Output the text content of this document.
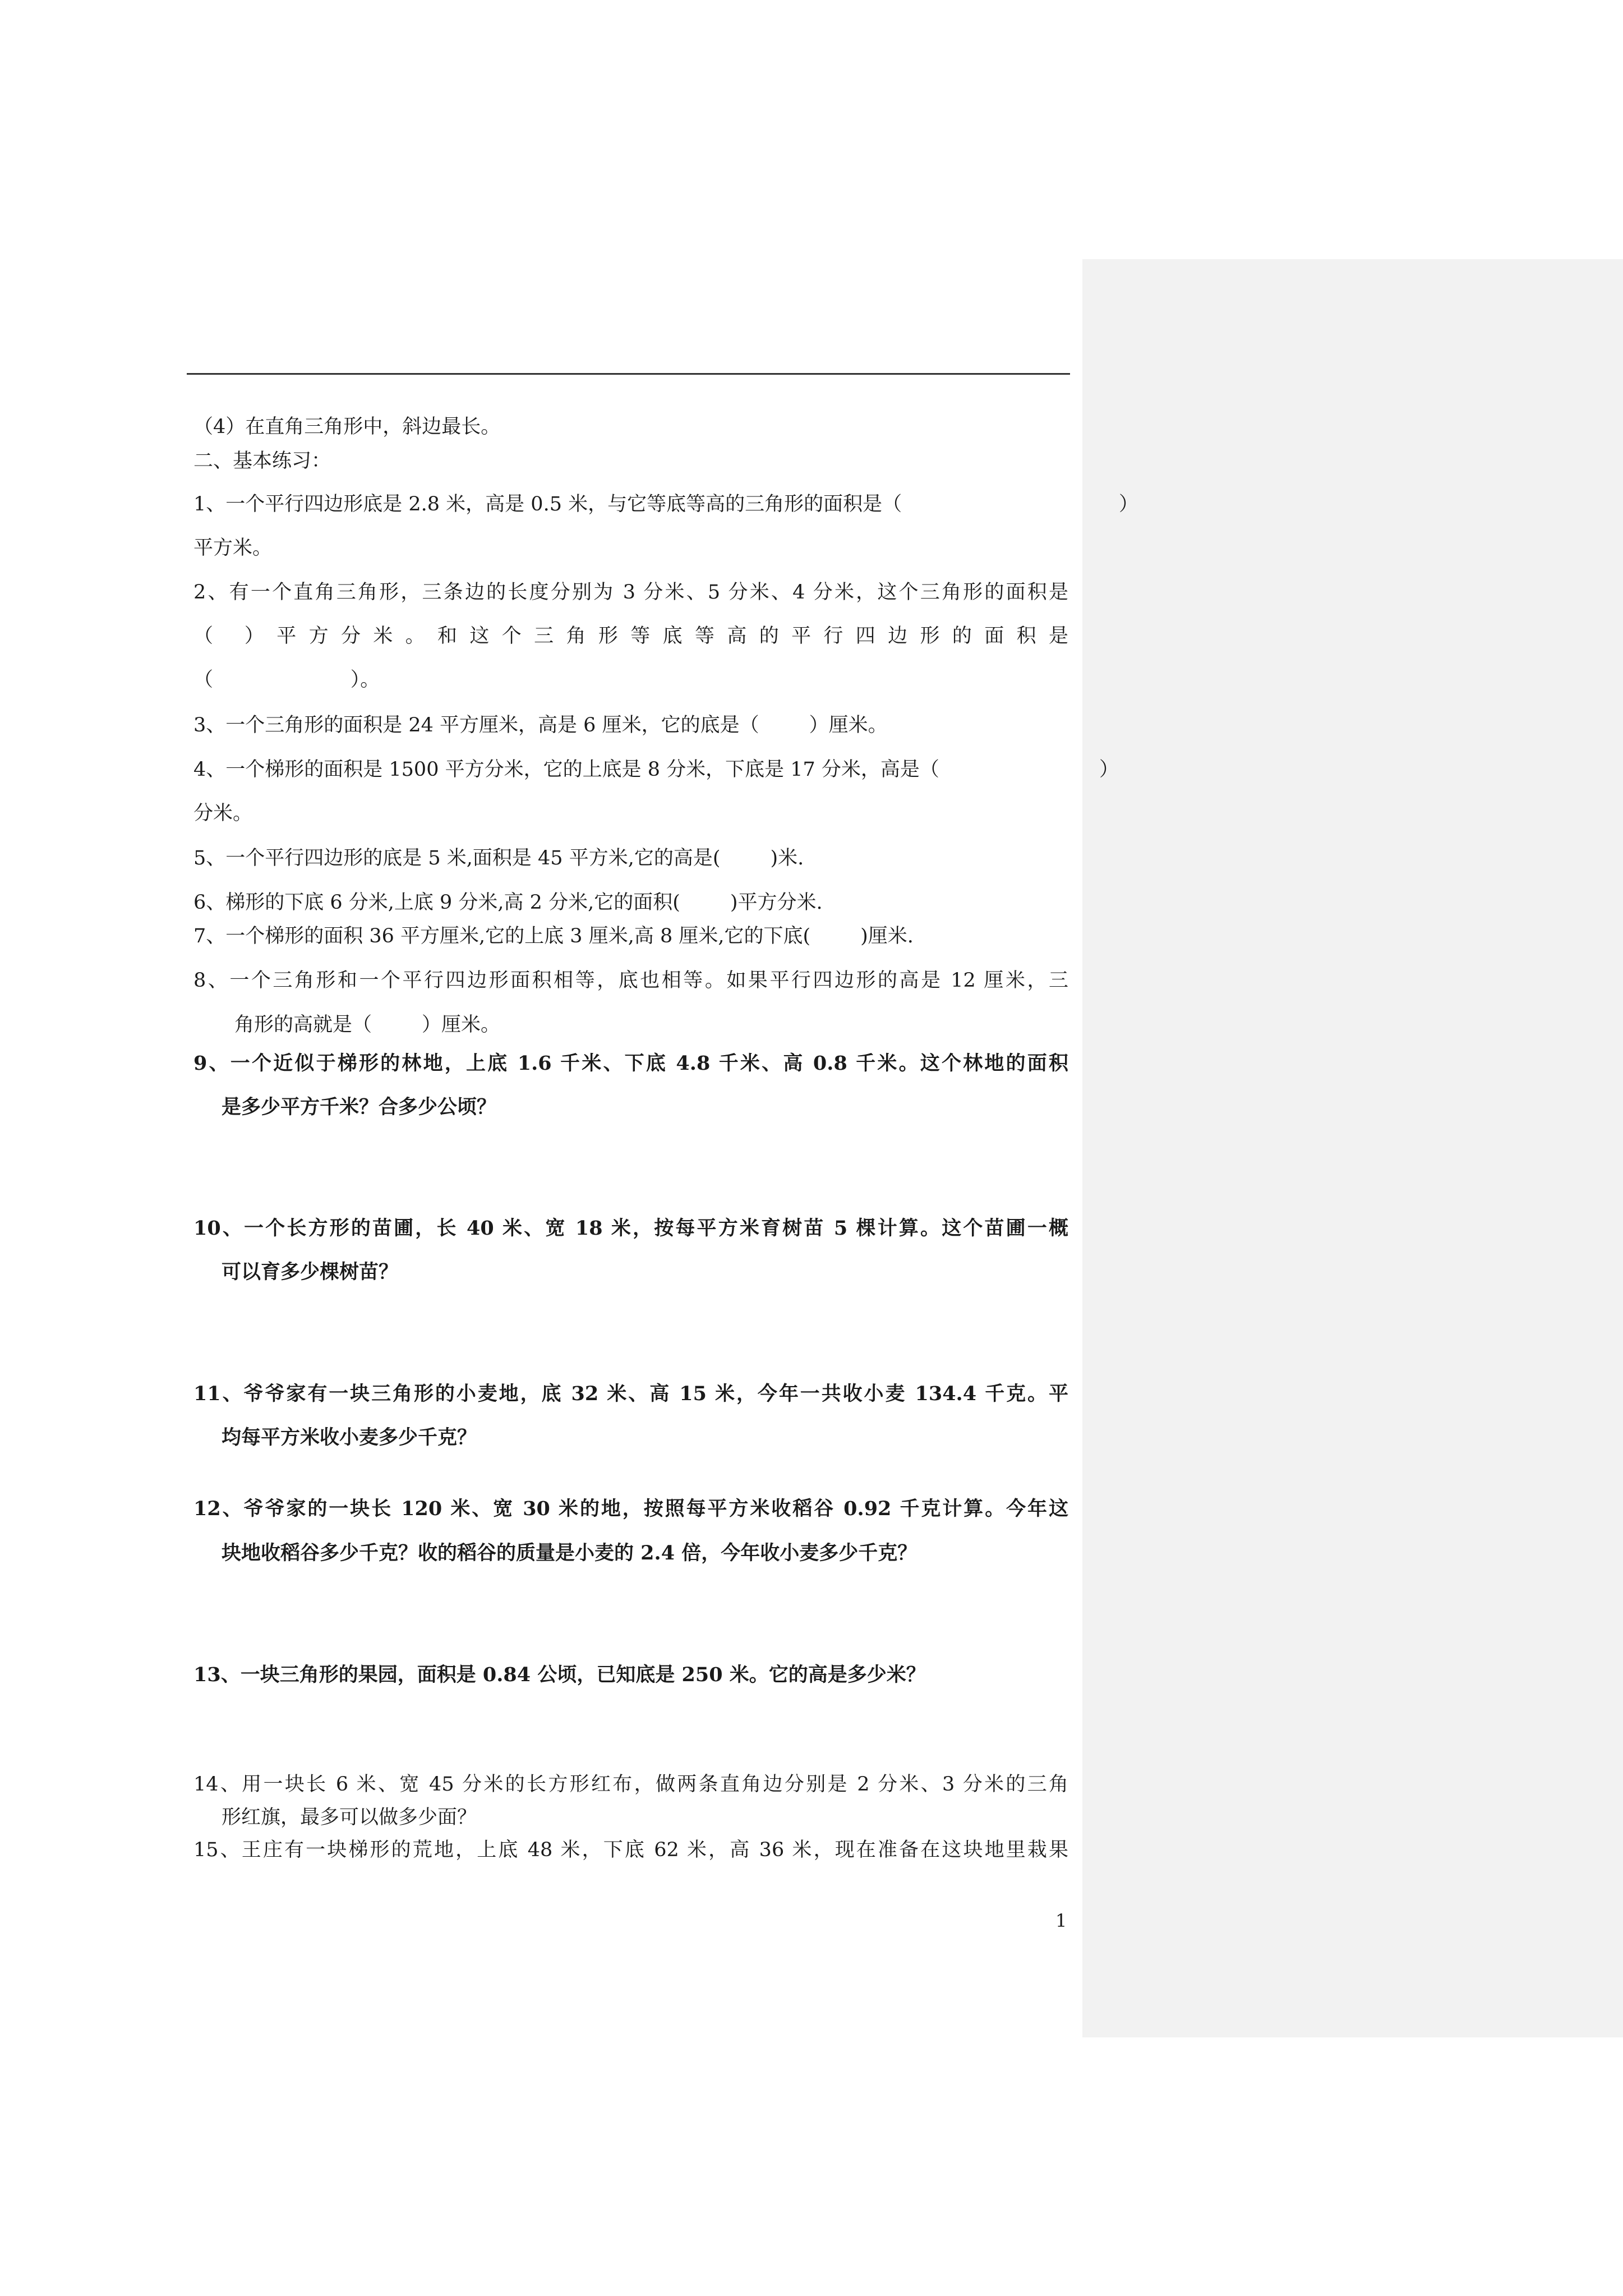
（4）在直角三角形中，斜边最长。

二、基本练习：

1、一个平行四边形底是 2.8 米，高是 0.5 米，与它等底等高的三角形的面积是（	）

平方米。

2、有一个直角三角形，三条边的长度分别为 3 分米、5 分米、4 分米，这个三角形的面积是

（ ）平方分米。和这个三角形等底等高的平行四边形的面积是

（                      ）。

3、一个三角形的面积是 24 平方厘米，高是 6 厘米，它的底是（        ）厘米。

4、一个梯形的面积是 1500 平方分米，它的上底是 8 分米，下底是 17 分米，高是（	）

分米。

5、一个平行四边形的底是 5 米,面积是 45 平方米,它的高是(        )米.

6、梯形的下底 6 分米,上底 9 分米,高 2 分米,它的面积(        )平方分米.

7、一个梯形的面积 36 平方厘米,它的上底 3 厘米,高 8 厘米,它的下底(        )厘米.

8、一个三角形和一个平行四边形面积相等，底也相等。如果平行四边形的高是 12 厘米，三

角形的高就是（        ）厘米。

9、一个近似于梯形的林地，上底 1.6 千米、下底 4.8 千米、高 0.8 千米。这个林地的面积

是多少平方千米？合多少公顷？

10、一个长方形的苗圃，长 40 米、宽 18 米，按每平方米育树苗 5 棵计算。这个苗圃一概

可以育多少棵树苗？

11、爷爷家有一块三角形的小麦地，底 32 米、高 15 米，今年一共收小麦 134.4 千克。平

均每平方米收小麦多少千克？

12、爷爷家的一块长 120 米、宽 30 米的地，按照每平方米收稻谷 0.92 千克计算。今年这

块地收稻谷多少千克？收的稻谷的质量是小麦的 2.4 倍，今年收小麦多少千克？

13、一块三角形的果园，面积是 0.84 公顷，已知底是 250 米。它的高是多少米？

14、用一块长 6 米、宽 45 分米的长方形红布，做两条直角边分别是 2 分米、3 分米的三角

形红旗，最多可以做多少面？

15、王庄有一块梯形的荒地，上底 48 米，下底 62 米，高 36 米，现在准备在这块地里栽果

1
